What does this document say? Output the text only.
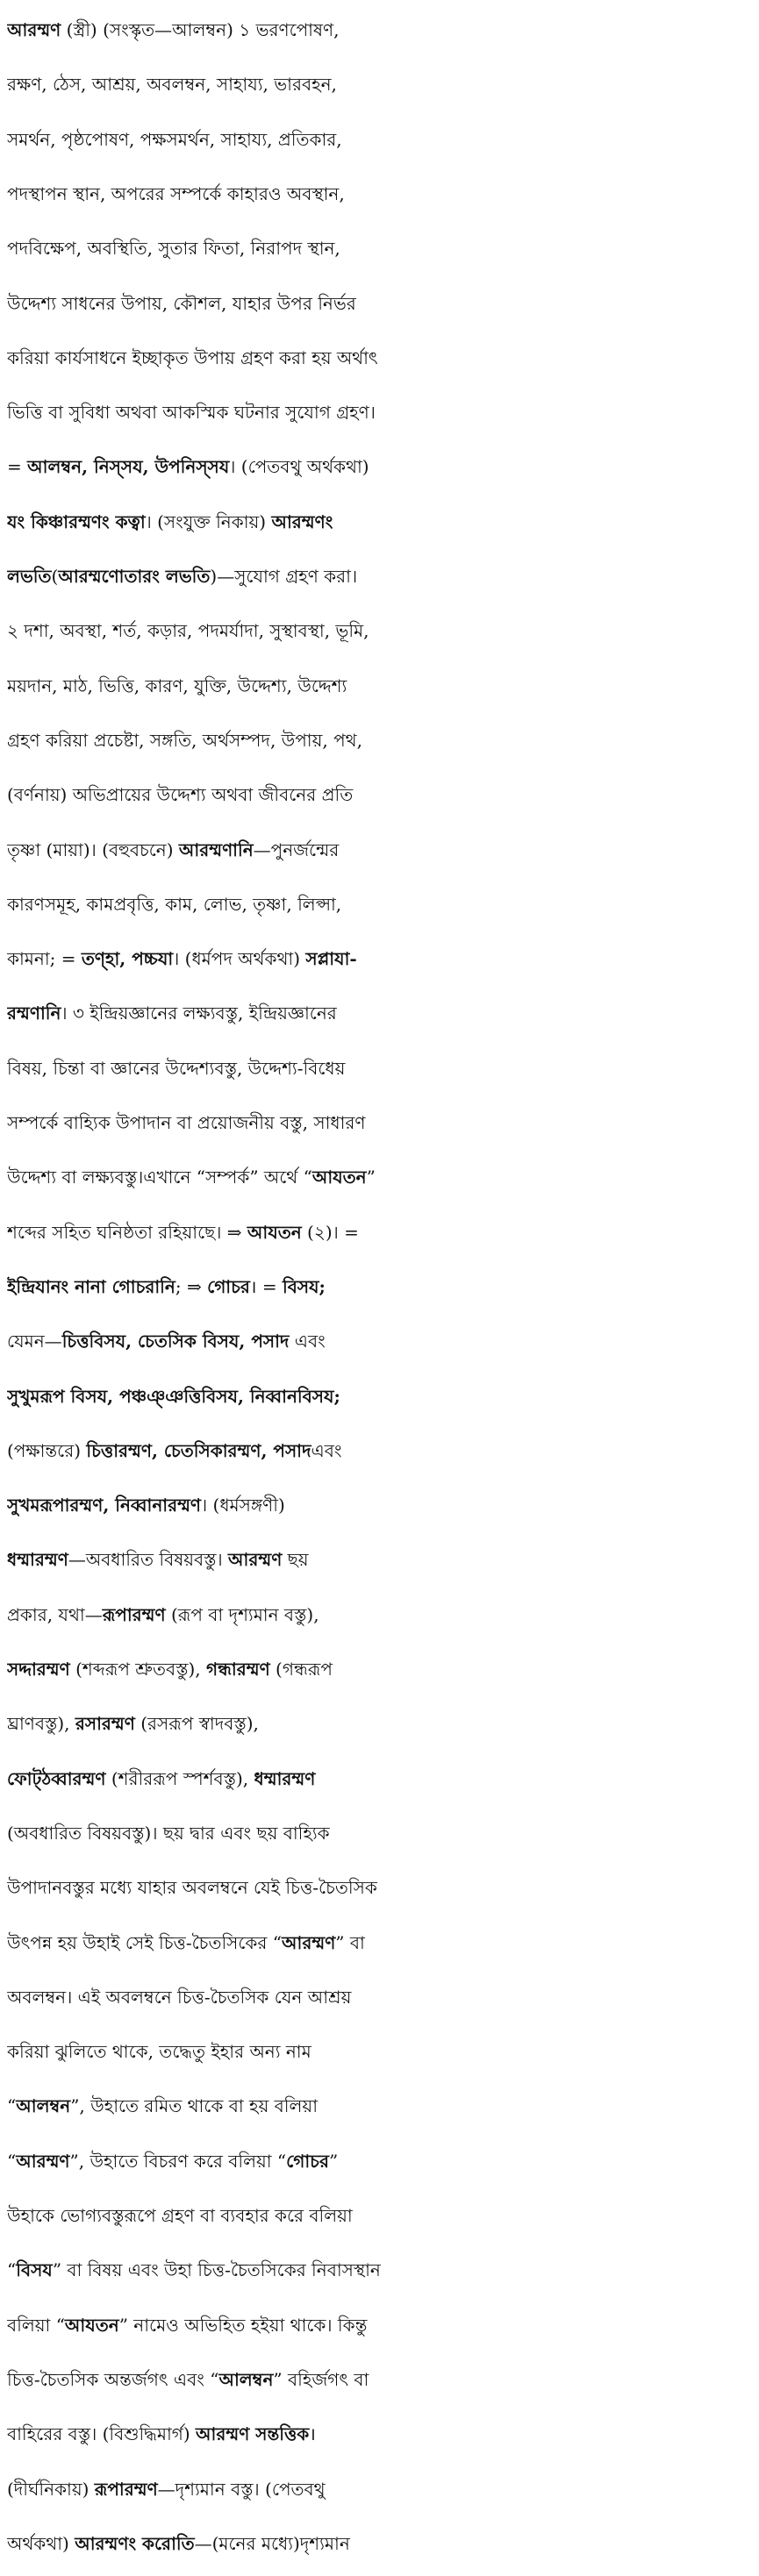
আরম্মণ (স্ত্রী) (সংস্কৃত—আলম্বন) ১ ভরণপোষণ,
রক্ষণ, ঠেস, আশ্রয়, অবলম্বন, সাহায্য, ভারবহন,
সমর্থন, পৃষ্ঠপোষণ, পক্ষসমর্থন, সাহায্য, প্রতিকার,
পদস্থাপন স্থান, অপরের সম্পর্কে কাহারও অবস্থান,
পদবিক্ষেপ, অবস্থিতি, সুতার ফিতা, নিরাপদ স্থান,
উদ্দেশ্য সাধনের উপায়, কৌশল, যাহার উপর নির্ভর
করিয়া কার্যসাধনে ইচ্ছাকৃত উপায় গ্রহণ করা হয় অর্থাৎ
ভিত্তি বা সুবিধা অথবা আকস্মিক ঘটনার সুযোগ গ্রহণ।
= আলম্বন, নিস্সয, উপনিস্সয। (পেতবথু অর্থকথা)
যং কিঞ্চারম্মণং কত্বা। (সংযুক্ত নিকায়) আরম্মণং
লভতি(আরম্মণোতারং লভতি)—সুযোগ গ্রহণ করা।
২ দশা, অবস্থা, শর্ত, কড়ার, পদমর্যাদা, সুস্থাবস্থা, ভূমি,
ময়দান, মাঠ, ভিত্তি, কারণ, যুক্তি, উদ্দেশ্য, উদ্দেশ্য
গ্রহণ করিয়া প্রচেষ্টা, সঙ্গতি, অর্থসম্পদ, উপায়, পথ,
(বর্ণনায়) অভিপ্রায়ের উদ্দেশ্য অথবা জীবনের প্রতি
তৃষ্ণা (মায়া)। (বহুবচনে) আরম্মণানি—পুনর্জন্মের
কারণসমূহ, কামপ্রবৃত্তি, কাম, লোভ, তৃষ্ণা, লিপ্সা,
কামনা; = তণ্হা, পচ্চযা। (ধর্মপদ অর্থকথা) সপ্লাযা-
রম্মণানি। ৩ ইন্দ্রিয়জ্ঞানের লক্ষ্যবস্তু, ইন্দ্রিয়জ্ঞানের
বিষয়, চিন্তা বা জ্ঞানের উদ্দেশ্যবস্তু, উদ্দেশ্য-বিধেয়
সম্পর্কে বাহ্যিক উপাদান বা প্রয়োজনীয় বস্তু, সাধারণ
উদ্দেশ্য বা লক্ষ্যবস্তু।এখানে “সম্পর্ক” অর্থে “আযতন”
শব্দের সহিত ঘনিষ্ঠতা রহিয়াছে। ⇒ আযতন (২)। =
ইন্দ্রিযানং নানা গোচরানি; ⇒ গোচর। = বিসয;
যেমন—চিত্তবিসয, চেতসিক বিসয, পসাদ এবং
সুখুমরূপ বিসয, পঞ্চঞ্ঞত্তিবিসয, নিব্বানবিসয;
(পক্ষান্তরে) চিত্তারম্মণ, চেতসিকারম্মণ, পসাদএবং
সুখমরূপারম্মণ, নিব্বানারম্মণ। (ধর্মসঙ্গণী)
ধম্মারম্মণ—অবধারিত বিষয়বস্তু। আরম্মণ ছয়
প্রকার, যথা—রূপারম্মণ (রূপ বা দৃশ্যমান বস্তু),
সদ্দারম্মণ (শব্দরূপ শ্রুতবস্তু), গন্ধারম্মণ (গন্ধরূপ
ঘ্রাণবস্তু), রসারম্মণ (রসরূপ স্বাদবস্তু),
ফোট্‌ঠব্বারম্মণ (শরীররূপ স্পর্শবস্তু), ধম্মারম্মণ
(অবধারিত বিষয়বস্তু)। ছয় দ্বার এবং ছয় বাহ্যিক
উপাদানবস্তুর মধ্যে যাহার অবলম্বনে যেই চিত্ত-চৈতসিক
উৎপন্ন হয় উহাই সেই চিত্ত-চৈতসিকের “আরম্মণ” বা
অবলম্বন। এই অবলম্বনে চিত্ত-চৈতসিক যেন আশ্রয়
করিয়া ঝুলিতে থাকে, তদ্ধেতু ইহার অন্য নাম
“আলম্বন”, উহাতে রমিত থাকে বা হয় বলিয়া
“আরম্মণ”, উহাতে বিচরণ করে বলিয়া “গোচর”
উহাকে ভোগ্যবস্তুরূপে গ্রহণ বা ব্যবহার করে বলিয়া
“বিসয” বা বিষয় এবং উহা চিত্ত-চৈতসিকের নিবাসস্থান
বলিয়া “আযতন” নামেও অভিহিত হইয়া থাকে। কিন্তু
চিত্ত-চৈতসিক অন্তর্জগৎ এবং “আলম্বন” বহির্জগৎ বা
বাহিরের বস্তু। (বিশুদ্ধিমার্গ) আরম্মণ সন্তত্তিক।
(দীর্ঘনিকায়) রূপারম্মণ—দৃশ্যমান বস্তু। (পেতবথু
অর্থকথা) আরম্মণং করোতি—(মনের মধ্যে)দৃশ্যমান
